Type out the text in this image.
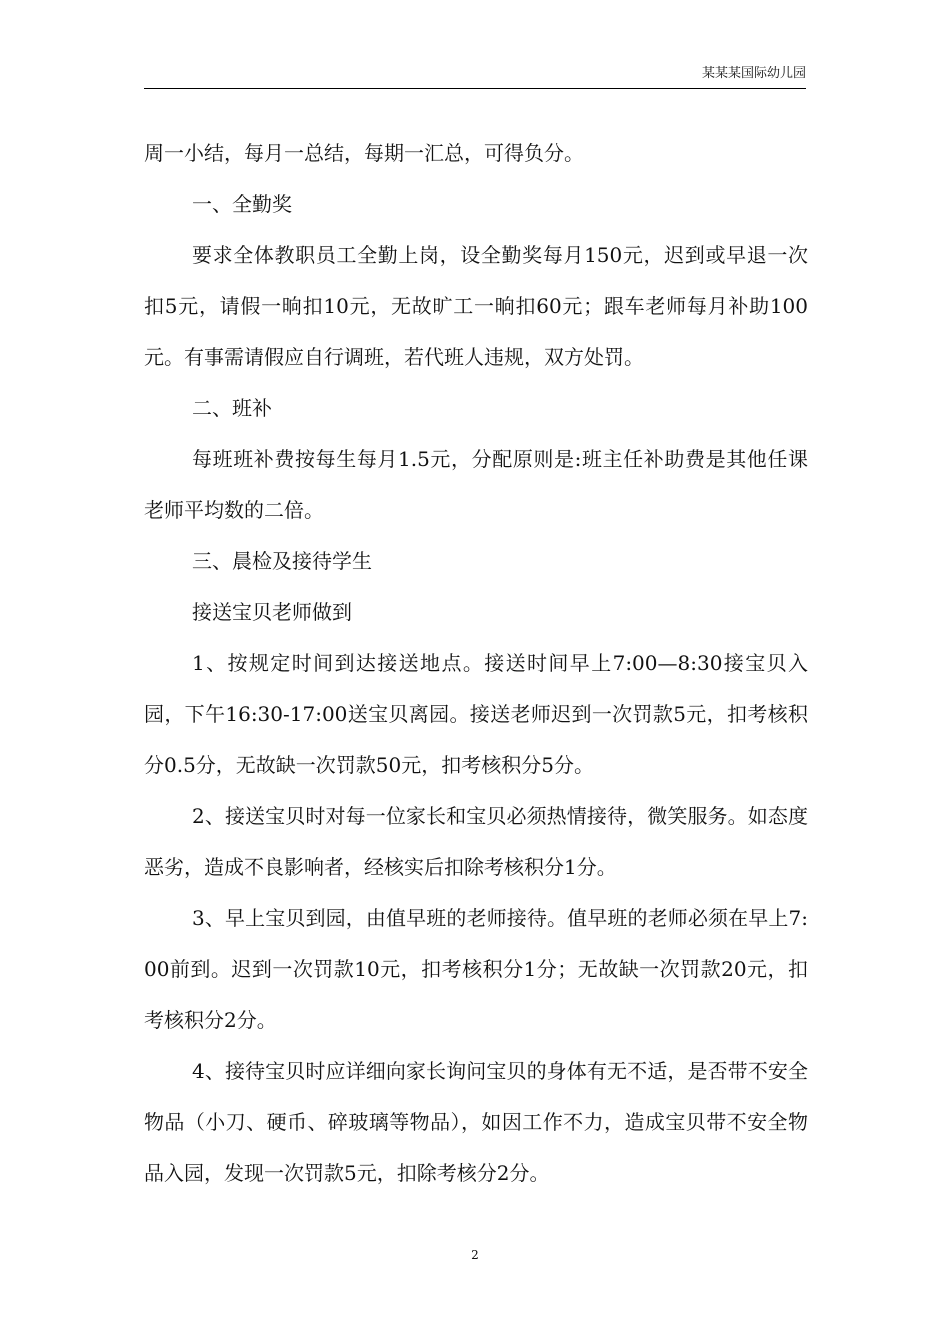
某某某国际幼儿园

周一小结，每月一总结，每期一汇总，可得负分。

一、全勤奖

要求全体教职员工全勤上岗，设全勤奖每月150元，迟到或早退一次扣5元，请假一晌扣10元，无故旷工一晌扣60元；跟车老师每月补助100元。有事需请假应自行调班，若代班人违规，双方处罚。

二、班补

每班班补费按每生每月1.5元，分配原则是:班主任补助费是其他任课老师平均数的二倍。

三、晨检及接待学生

接送宝贝老师做到

1、按规定时间到达接送地点。接送时间早上7:00—8:30接宝贝入园，下午16:30-17:00送宝贝离园。接送老师迟到一次罚款5元，扣考核积分0.5分，无故缺一次罚款50元，扣考核积分5分。

2、接送宝贝时对每一位家长和宝贝必须热情接待，微笑服务。如态度恶劣，造成不良影响者，经核实后扣除考核积分1分。

3、早上宝贝到园，由值早班的老师接待。值早班的老师必须在早上7:00前到。迟到一次罚款10元，扣考核积分1分；无故缺一次罚款20元，扣考核积分2分。

4、接待宝贝时应详细向家长询问宝贝的身体有无不适，是否带不安全物品（小刀、硬币、碎玻璃等物品），如因工作不力，造成宝贝带不安全物品入园，发现一次罚款5元，扣除考核分2分。

2
